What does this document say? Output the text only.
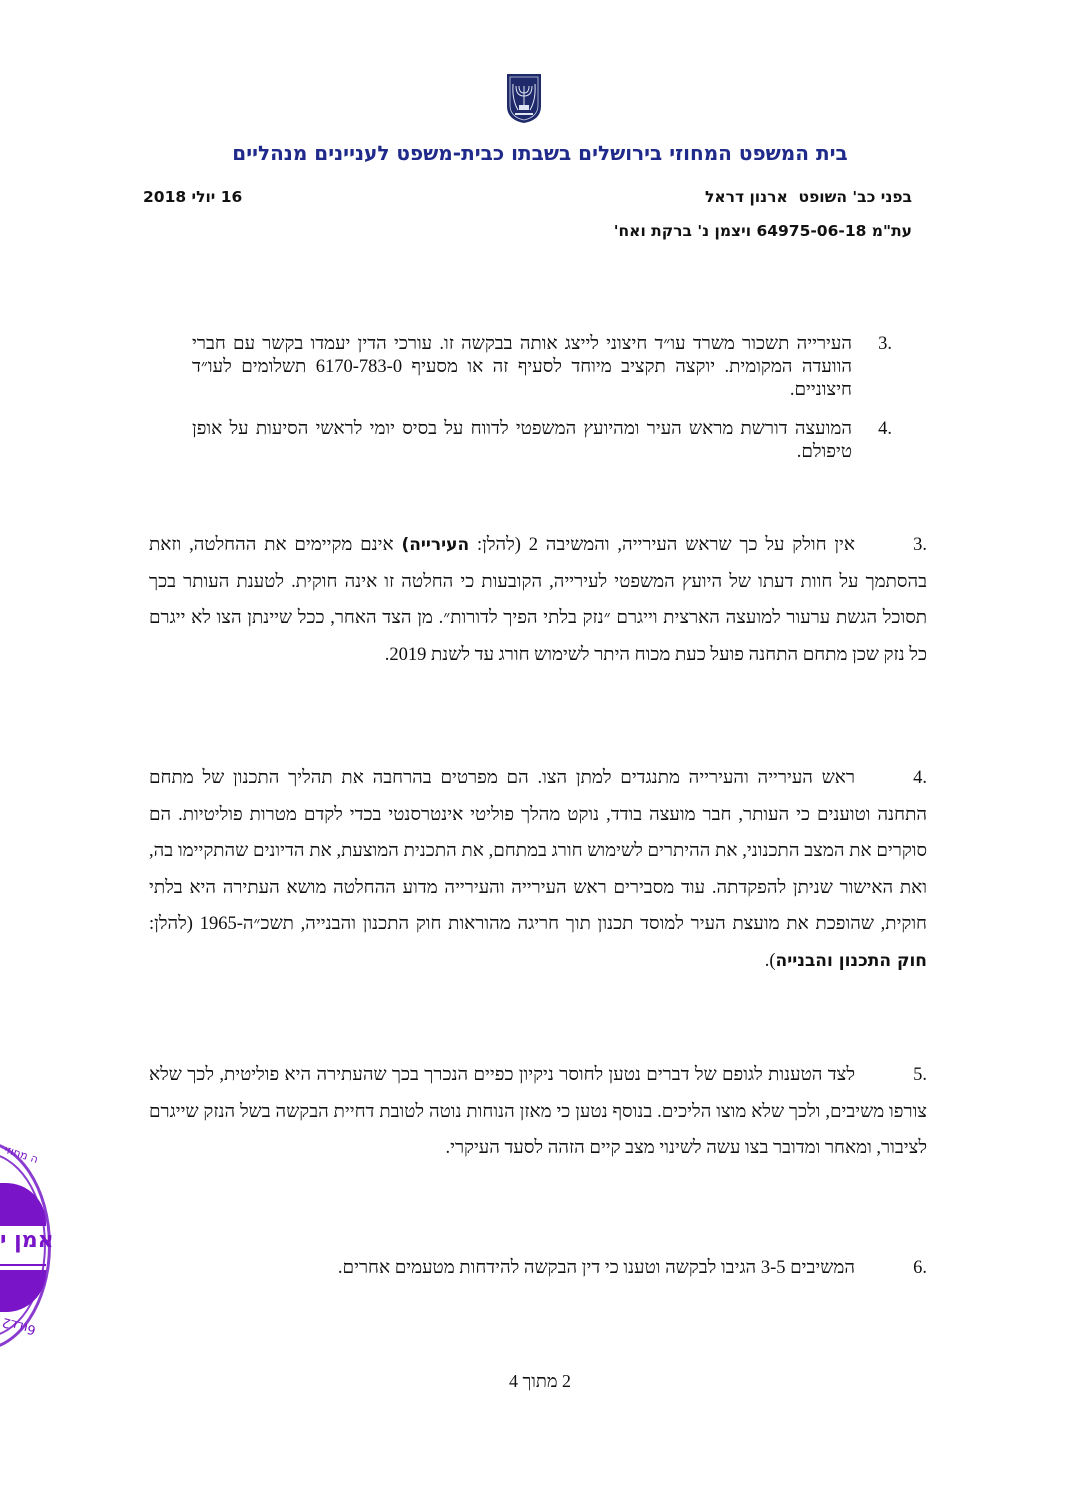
בית המשפט המחוזי בירושלים בשבתו כבית-משפט לעניינים מנהליים
בפני כב' השופט  ארנון דראל
16 יולי 2018
עת"מ 64975-06-18 ויצמן נ' ברקת ואח'
.3
העירייה תשכור משרד עו״ד חיצוני לייצג אותה בבקשה זו. עורכי הדין יעמדו בקשר עם חברי הוועדה המקומית. יוקצה תקציב מיוחד לסעיף זה או מסעיף 6170-783-0 תשלומים לעו״ד חיצוניים.
.4
המועצה דורשת מראש העיר ומהיועץ המשפטי לדווח על בסיס יומי לראשי הסיעות על אופן טיפולם.
.3אין חולק על כך שראש העירייה, והמשיבה 2 (להלן: העירייה) אינם מקיימים את ההחלטה, וזאת בהסתמך על חוות דעתו של היועץ המשפטי לעירייה, הקובעות כי החלטה זו אינה חוקית. לטענת העותר בכך תסוכל הגשת ערעור למועצה הארצית וייגרם ״נזק בלתי הפיך לדורות״. מן הצד האחר, ככל שיינתן הצו לא ייגרם כל נזק שכן מתחם התחנה פועל כעת מכוח היתר לשימוש חורג עד לשנת 2019.
.4ראש העירייה והעירייה מתנגדים למתן הצו. הם מפרטים בהרחבה את תהליך התכנון של מתחם התחנה וטוענים כי העותר, חבר מועצה בודד, נוקט מהלך פוליטי אינטרסנטי בכדי לקדם מטרות פוליטיות. הם סוקרים את המצב התכנוני, את ההיתרים לשימוש חורג במתחם, את התכנית המוצעת, את הדיונים שהתקיימו בה, ואת האישור שניתן להפקדתה. עוד מסבירים ראש העירייה והעירייה מדוע ההחלטה מושא העתירה היא בלתי חוקית, שהופכת את מועצת העיר למוסד תכנון תוך חריגה מהוראות חוק התכנון והבנייה, תשכ״ה-1965 (להלן: חוק התכנון והבנייה).
.5לצד הטענות לגופם של דברים נטען לחוסר ניקיון כפיים הנכרך בכך שהעתירה היא פוליטית, לכך שלא צורפו משיבים, ולכך שלא מוצו הליכים. בנוסף נטען כי מאזן הנוחות נוטה לטובת דחיית הבקשה בשל הנזק שייגרם לציבור, ומאחר ומדובר בצו עשה לשינוי מצב קיים הזהה לסעד העיקרי.
.6המשיבים 3-5 הגיבו לבקשה וטענו כי דין הבקשה להידחות מטעמים אחרים.
2 מתוך 4
ה מחוזי
אמן י
6ɩʟʟ2
